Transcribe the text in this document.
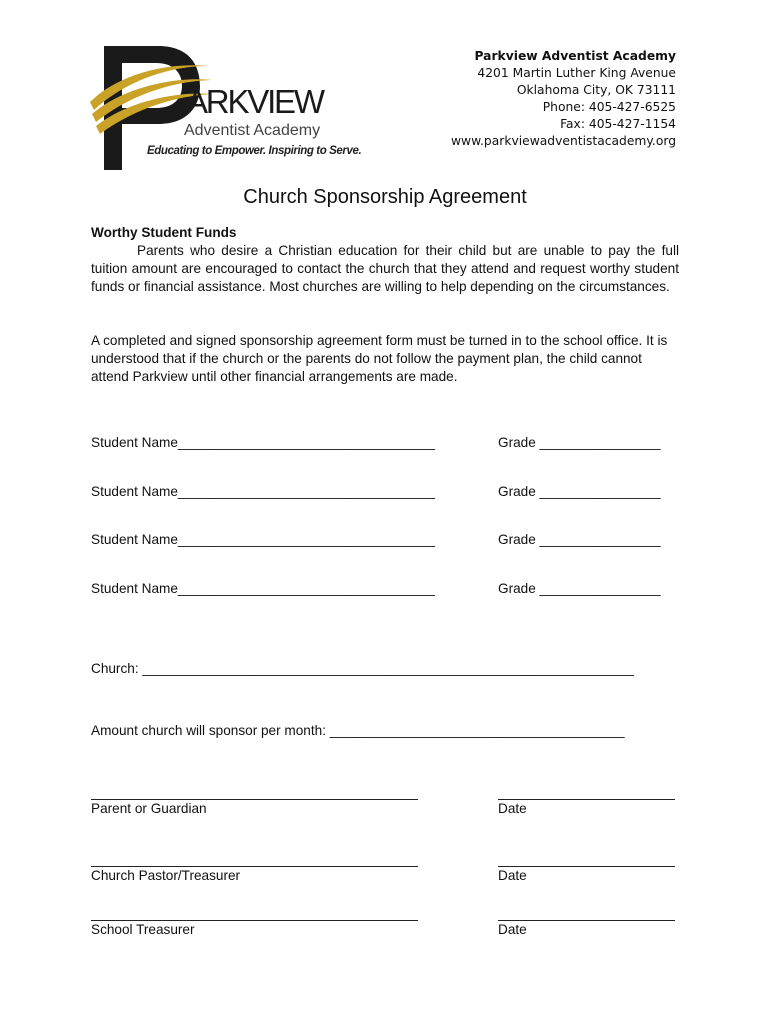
ARKVIEW
Adventist Academy
Educating to Empower. Inspiring to Serve.
Parkview Adventist Academy
4201 Martin Luther King Avenue
Oklahoma City, OK 73111
Phone: 405-427-6525
Fax: 405-427-1154
www.parkviewadventistacademy.org
Church Sponsorship Agreement
Worthy Student Funds
Parents who desire a Christian education for their child but are unable to pay the full tuition amount are encouraged to contact the church that they attend and request worthy student funds or financial assistance. Most churches are willing to help depending on the circumstances.
A completed and signed sponsorship agreement form must be turned in to the school office. It is understood that if the church or the parents do not follow the payment plan, the child cannot attend Parkview until other financial arrangements are made.
Student Name__________________________________	Grade ________________
Student Name__________________________________	Grade ________________
Student Name__________________________________	Grade ________________
Student Name__________________________________	Grade ________________
Church: _________________________________________________________________
Amount church will sponsor per month: _______________________________________
Parent or Guardian	Date
Church Pastor/Treasurer	Date
School Treasurer	Date
